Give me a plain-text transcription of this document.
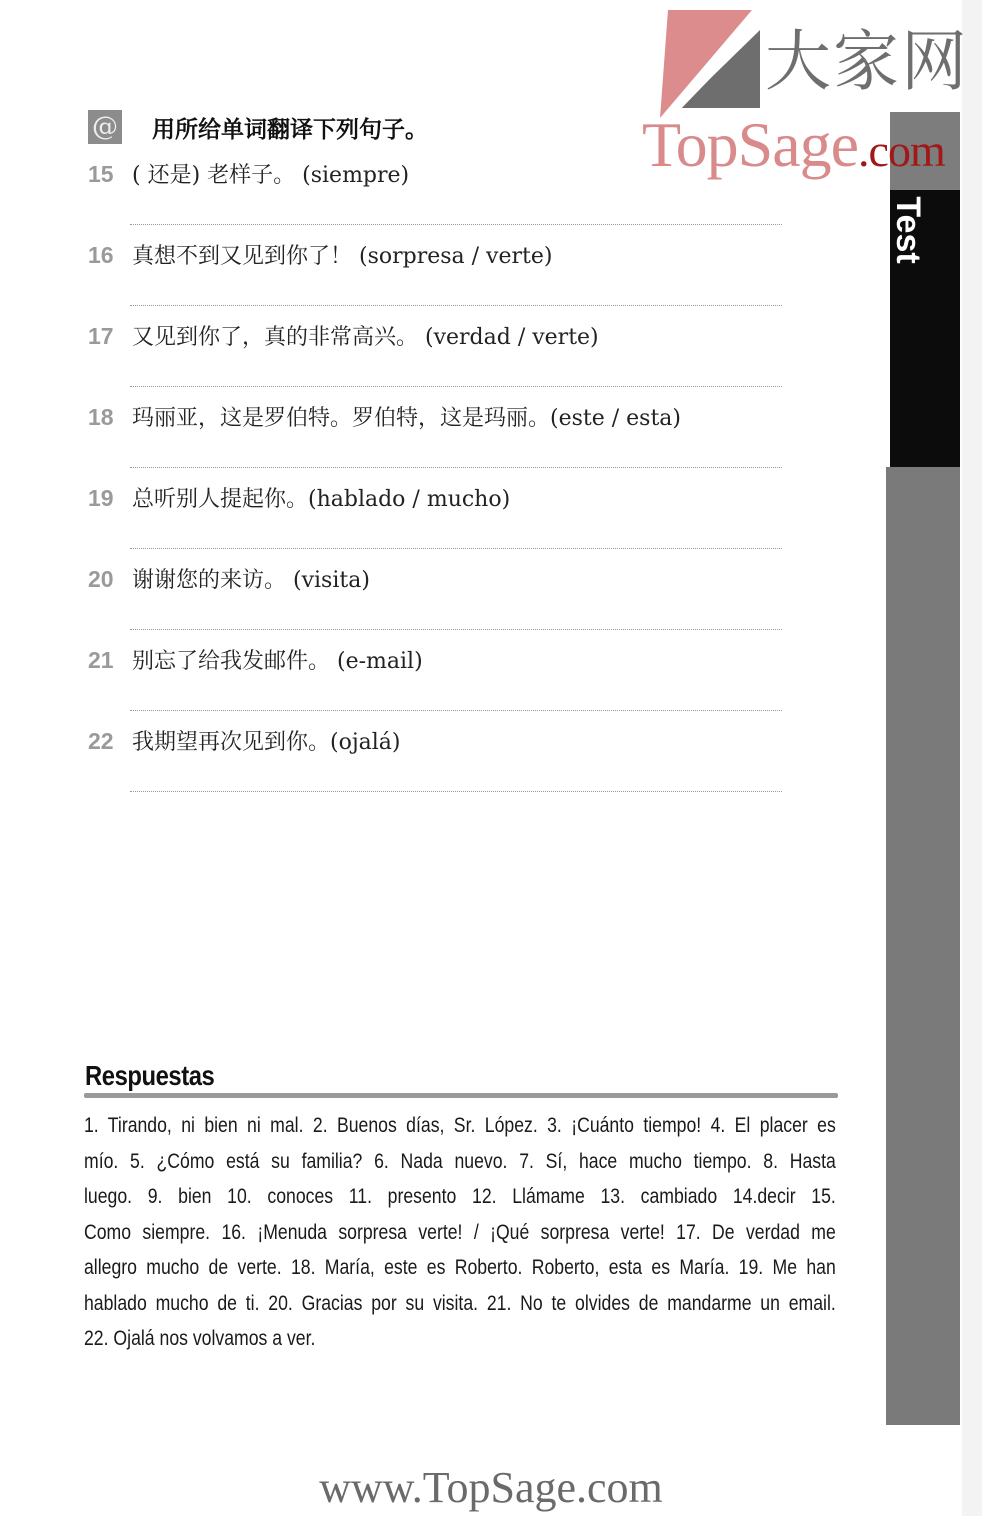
Test
大家网
TopSage.com
@ 用所给单词翻译下列句子。
15 ( 还是) 老样子。 (siempre)
16 真想不到又见到你了！ (sorpresa / verte)
17 又见到你了，真的非常高兴。 (verdad / verte)
18 玛丽亚，这是罗伯特。罗伯特，这是玛丽。(este / esta)
19 总听别人提起你。(hablado / mucho)
20 谢谢您的来访。 (visita)
21 别忘了给我发邮件。 (e-mail)
22 我期望再次见到你。(ojalá)
Respuestas
1. Tirando, ni bien ni mal. 2. Buenos días, Sr. López. 3. ¡Cuánto tiempo! 4. El placer es
mío. 5. ¿Cómo está su familia? 6. Nada nuevo. 7. Sí, hace mucho tiempo. 8. Hasta
luego. 9. bien 10. conoces 11. presento 12. Llámame 13. cambiado 14.decir 15.
Como siempre. 16. ¡Menuda sorpresa verte! / ¡Qué sorpresa verte! 17. De verdad me
allegro mucho de verte. 18. María, este es Roberto. Roberto, esta es María. 19. Me han
hablado mucho de ti. 20. Gracias por su visita. 21. No te olvides de mandarme un email.
22. Ojalá nos volvamos a ver.
www.TopSage.com
